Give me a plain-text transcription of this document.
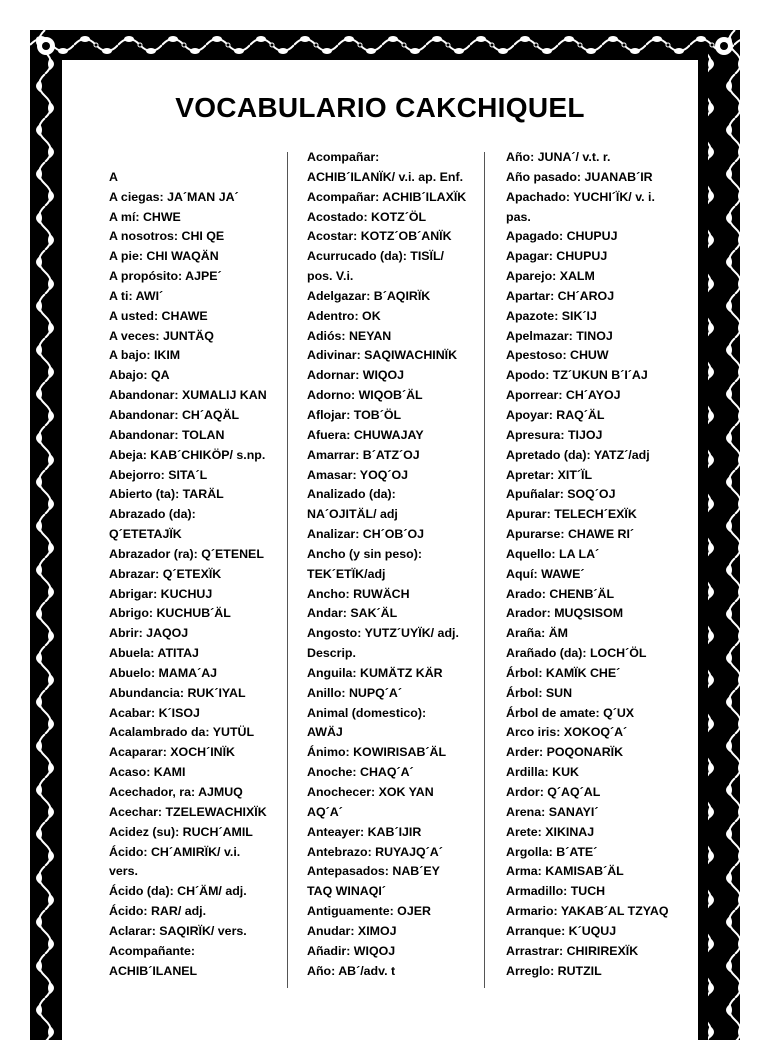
VOCABULARIO CAKCHIQUEL

A
A ciegas: JA´MAN JA´
A mí: CHWE
A nosotros: CHI QE
A pie: CHI WAQÄN
A propósito: AJPE´
A ti: AWI´
A usted: CHAWE
A veces: JUNTÄQ
A bajo: IKIM
Abajo: QA
Abandonar: XUMALIJ KAN
Abandonar: CH´AQÄL
Abandonar: TOLAN
Abeja: KAB´CHIKÖP/ s.np.
Abejorro: SITA´L
Abierto (ta): TARÄL
Abrazado (da):
Q´ETETAJÏK
Abrazador (ra): Q´ETENEL
Abrazar: Q´ETEXÏK
Abrigar: KUCHUJ
Abrigo: KUCHUB´ÄL
Abrir: JAQOJ
Abuela: ATITAJ
Abuelo: MAMA´AJ
Abundancia: RUK´IYAL
Acabar: K´ISOJ
Acalambrado da: YUTÜL
Acaparar: XOCH´INÏK
Acaso: KAMI
Acechador, ra: AJMUQ
Acechar: TZELEWACHIXÏK
Acidez (su): RUCH´AMIL
Ácido: CH´AMIRÏK/ v.i.
vers.
Ácido (da): CH´ÄM/ adj.
Ácido: RAR/ adj.
Aclarar: SAQIRÏK/ vers.
Acompañante:
ACHIB´ILANEL
Acompañar:
ACHIB´ILANÏK/ v.i. ap. Enf.
Acompañar: ACHIB´ILAXÏK
Acostado: KOTZ´ÖL
Acostar: KOTZ´OB´ANÏK
Acurrucado (da): TISÏL/
pos. V.i.
Adelgazar: B´AQIRÏK
Adentro: OK
Adiós: NEYAN
Adivinar: SAQIWACHINÏK
Adornar: WIQOJ
Adorno: WIQOB´ÄL
Aflojar: TOB´ÖL
Afuera: CHUWAJAY
Amarrar: B´ATZ´OJ
Amasar: YOQ´OJ
Analizado (da):
NA´OJITÄL/ adj
Analizar: CH´OB´OJ
Ancho (y sin peso):
TEK´ETÏK/adj
Ancho: RUWÄCH
Andar: SAK´ÄL
Angosto: YUTZ´UYÏK/ adj.
Descrip.
Anguila: KUMÄTZ KÄR
Anillo: NUPQ´A´
Animal (domestico):
AWÄJ
Ánimo: KOWIRISAB´ÄL
Anoche: CHAQ´A´
Anochecer: XOK YAN
AQ´A´
Anteayer: KAB´IJIR
Antebrazo: RUYAJQ´A´
Antepasados: NAB´EY
TAQ WINAQI´
Antiguamente: OJER
Anudar: XIMOJ
Añadir: WIQOJ
Año: AB´/adv. t
Año: JUNA´/ v.t. r.
Año pasado: JUANAB´IR
Apachado: YUCHI´ÏK/ v. i.
pas.
Apagado: CHUPUJ
Apagar: CHUPUJ
Aparejo: XALM
Apartar: CH´AROJ
Apazote: SIK´IJ
Apelmazar: TINOJ
Apestoso: CHUW
Apodo: TZ´UKUN B´I´AJ
Aporrear: CH´AYOJ
Apoyar: RAQ´ÄL
Apresura: TIJOJ
Apretado (da): YATZ´/adj
Apretar: XIT´ÏL
Apuñalar: SOQ´OJ
Apurar: TELECH´EXÏK
Apurarse: CHAWE RI´
Aquello: LA LA´
Aquí: WAWE´
Arado: CHENB´ÄL
Arador: MUQSISOM
Araña: ÄM
Arañado (da): LOCH´ÖL
Árbol: KAMÏK CHE´
Árbol: SUN
Árbol de amate: Q´UX
Arco iris: XOKOQ´A´
Arder: POQONARÏK
Ardilla: KUK
Ardor: Q´AQ´AL
Arena: SANAYI´
Arete: XIKINAJ
Argolla: B´ATE´
Arma: KAMISAB´ÄL
Armadillo: TUCH
Armario: YAKAB´AL TZYAQ
Arranque: K´UQUJ
Arrastrar: CHIRIREXÏK
Arreglo: RUTZIL
